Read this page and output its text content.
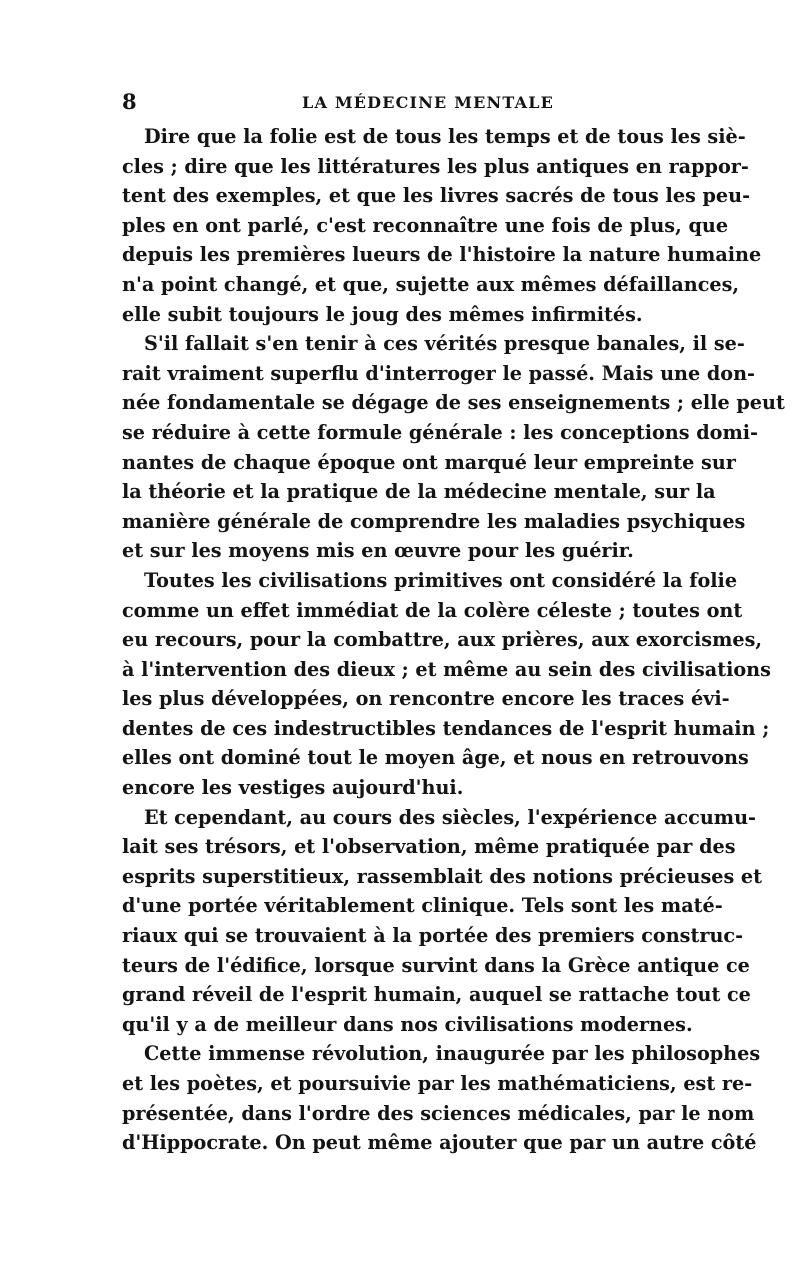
8	LA MÉDECINE MENTALE
Dire que la folie est de tous les temps et de tous les siè-
cles ; dire que les littératures les plus antiques en rappor-
tent des exemples, et que les livres sacrés de tous les peu-
ples en ont parlé, c'est reconnaître une fois de plus, que
depuis les premières lueurs de l'histoire la nature humaine
n'a point changé, et que, sujette aux mêmes défaillances,
elle subit toujours le joug des mêmes infirmités.
S'il fallait s'en tenir à ces vérités presque banales, il se-
rait vraiment superflu d'interroger le passé. Mais une don-
née fondamentale se dégage de ses enseignements ; elle peut
se réduire à cette formule générale : les conceptions domi-
nantes de chaque époque ont marqué leur empreinte sur
la théorie et la pratique de la médecine mentale, sur la
manière générale de comprendre les maladies psychiques
et sur les moyens mis en œuvre pour les guérir.
Toutes les civilisations primitives ont considéré la folie
comme un effet immédiat de la colère céleste ; toutes ont
eu recours, pour la combattre, aux prières, aux exorcismes,
à l'intervention des dieux ; et même au sein des civilisations
les plus développées, on rencontre encore les traces évi-
dentes de ces indestructibles tendances de l'esprit humain ;
elles ont dominé tout le moyen âge, et nous en retrouvons
encore les vestiges aujourd'hui.
Et cependant, au cours des siècles, l'expérience accumu-
lait ses trésors, et l'observation, même pratiquée par des
esprits superstitieux, rassemblait des notions précieuses et
d'une portée véritablement clinique. Tels sont les maté-
riaux qui se trouvaient à la portée des premiers construc-
teurs de l'édifice, lorsque survint dans la Grèce antique ce
grand réveil de l'esprit humain, auquel se rattache tout ce
qu'il y a de meilleur dans nos civilisations modernes.
Cette immense révolution, inaugurée par les philosophes
et les poètes, et poursuivie par les mathématiciens, est re-
présentée, dans l'ordre des sciences médicales, par le nom
d'Hippocrate. On peut même ajouter que par un autre côté
